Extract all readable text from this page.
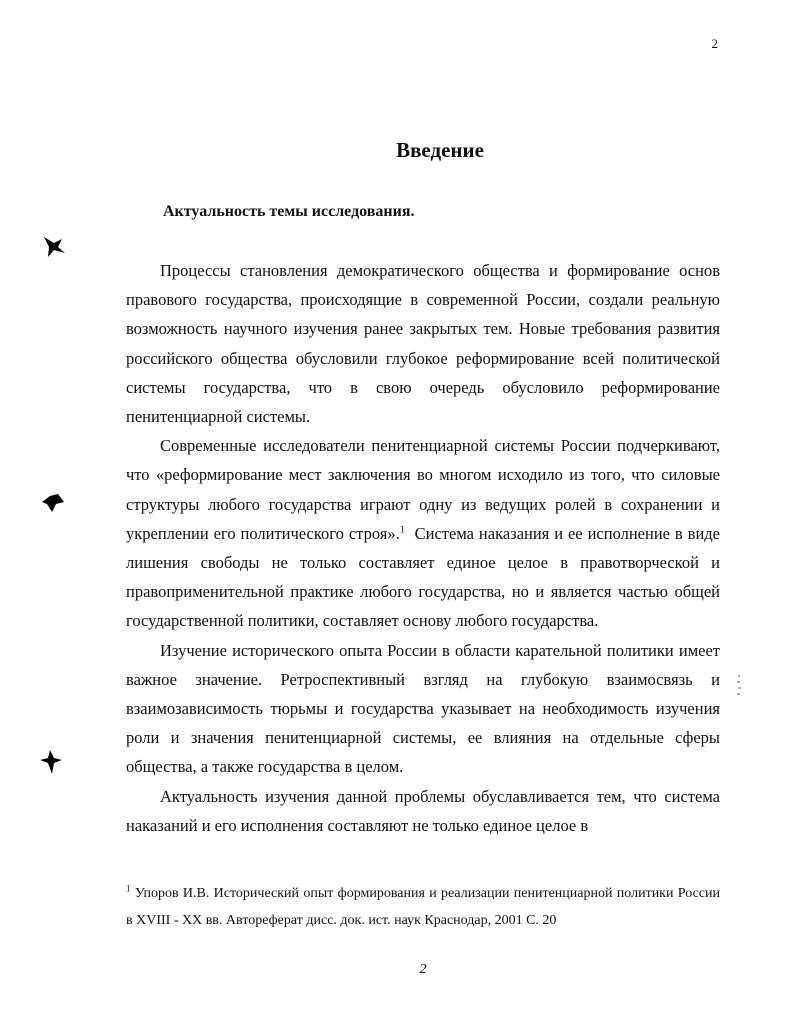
2
Введение
Актуальность темы исследования.

Процессы становления демократического общества и формирование основ правового государства, происходящие в современной России, создали реальную возможность научного изучения ранее закрытых тем. Новые требования развития российского общества обусловили глубокое реформирование всей политической системы государства, что в свою очередь обусловило реформирование пенитенциарной системы.

Современные исследователи пенитенциарной системы России подчеркивают, что «реформирование мест заключения во многом исходило из того, что силовые структуры любого государства играют одну из ведущих ролей в сохранении и укреплении его политического строя».$^1$ Система наказания и ее исполнение в виде лишения свободы не только составляет единое целое в правотворческой и правоприменительной практике любого государства, но и является частью общей государственной политики, составляет основу любого государства.

Изучение исторического опыта России в области карательной политики имеет важное значение. Ретроспективный взгляд на глубокую взаимосвязь и взаимозависимость тюрьмы и государства указывает на необходимость изучения роли и значения пенитенциарной системы, ее влияния на отдельные сферы общества, а также государства в целом.

Актуальность изучения данной проблемы обуславливается тем, что система наказаний и его исполнения составляют не только единое целое в

$^1$ Упоров И.В. Исторический опыт формирования и реализации пенитенциарной политики России в XVIII - XX вв. Автореферат дисс. док. ист. наук Краснодар, 2001 С. 20
2
